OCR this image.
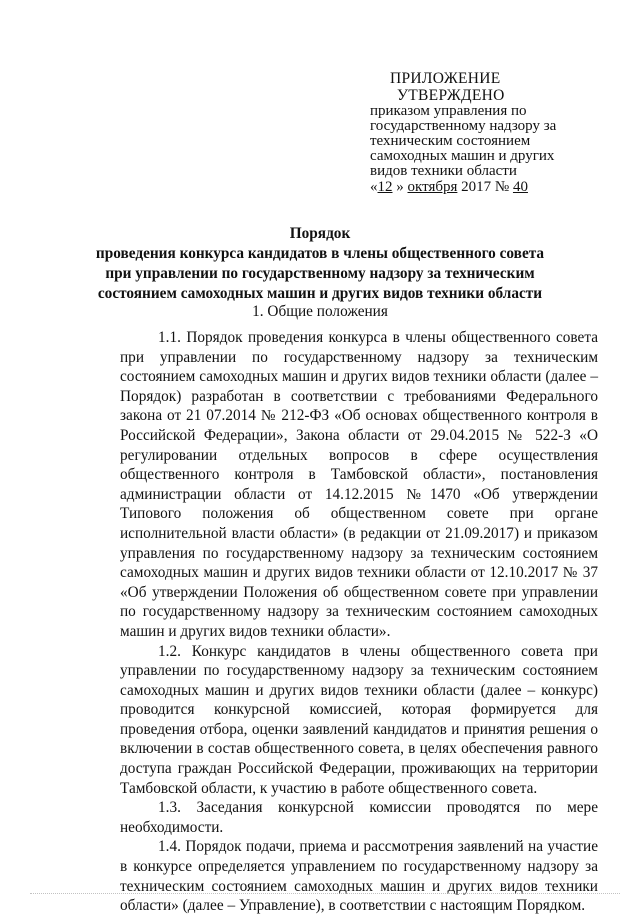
ПРИЛОЖЕНИЕ
УТВЕРЖДЕНО
приказом управления по
государственному надзору за
техническим состоянием
самоходных машин и других
видов техники области
«12 » октября 2017 № 40
Порядок
проведения конкурса кандидатов в члены общественного совета при управлении по государственному надзору за техническим состоянием самоходных машин и других видов техники области
1. Общие положения

1.1. Порядок проведения конкурса в члены общественного совета при управлении по государственному надзору за техническим состоянием самоходных машин и других видов техники области (далее – Порядок) разработан в соответствии с требованиями Федерального закона от 21 07.2014 № 212-ФЗ «Об основах общественного контроля в Российской Федерации», Закона области от 29.04.2015 № 522-З «О регулировании отдельных вопросов в сфере осуществления общественного контроля в Тамбовской области», постановления администрации области от 14.12.2015 №1470 «Об утверждении Типового положения об общественном совете при органе исполнительной власти области» (в редакции от 21.09.2017) и приказом управления по государственному надзору за техническим состоянием самоходных машин и других видов техники области от 12.10.2017 № 37 «Об утверждении Положения об общественном совете при управлении по государственному надзору за техническим состоянием самоходных машин и других видов техники области».

1.2. Конкурс кандидатов в члены общественного совета при управлении по государственному надзору за техническим состоянием самоходных машин и других видов техники области (далее – конкурс) проводится конкурсной комиссией, которая формируется для проведения отбора, оценки заявлений кандидатов и принятия решения о включении в состав общественного совета, в целях обеспечения равного доступа граждан Российской Федерации, проживающих на территории Тамбовской области, к участию в работе общественного совета.

1.3. Заседания конкурсной комиссии проводятся по мере необходимости.

1.4. Порядок подачи, приема и рассмотрения заявлений на участие в конкурсе определяется управлением по государственному надзору за техническим состоянием самоходных машин и других видов техники области» (далее – Управление), в соответствии с настоящим Порядком.
